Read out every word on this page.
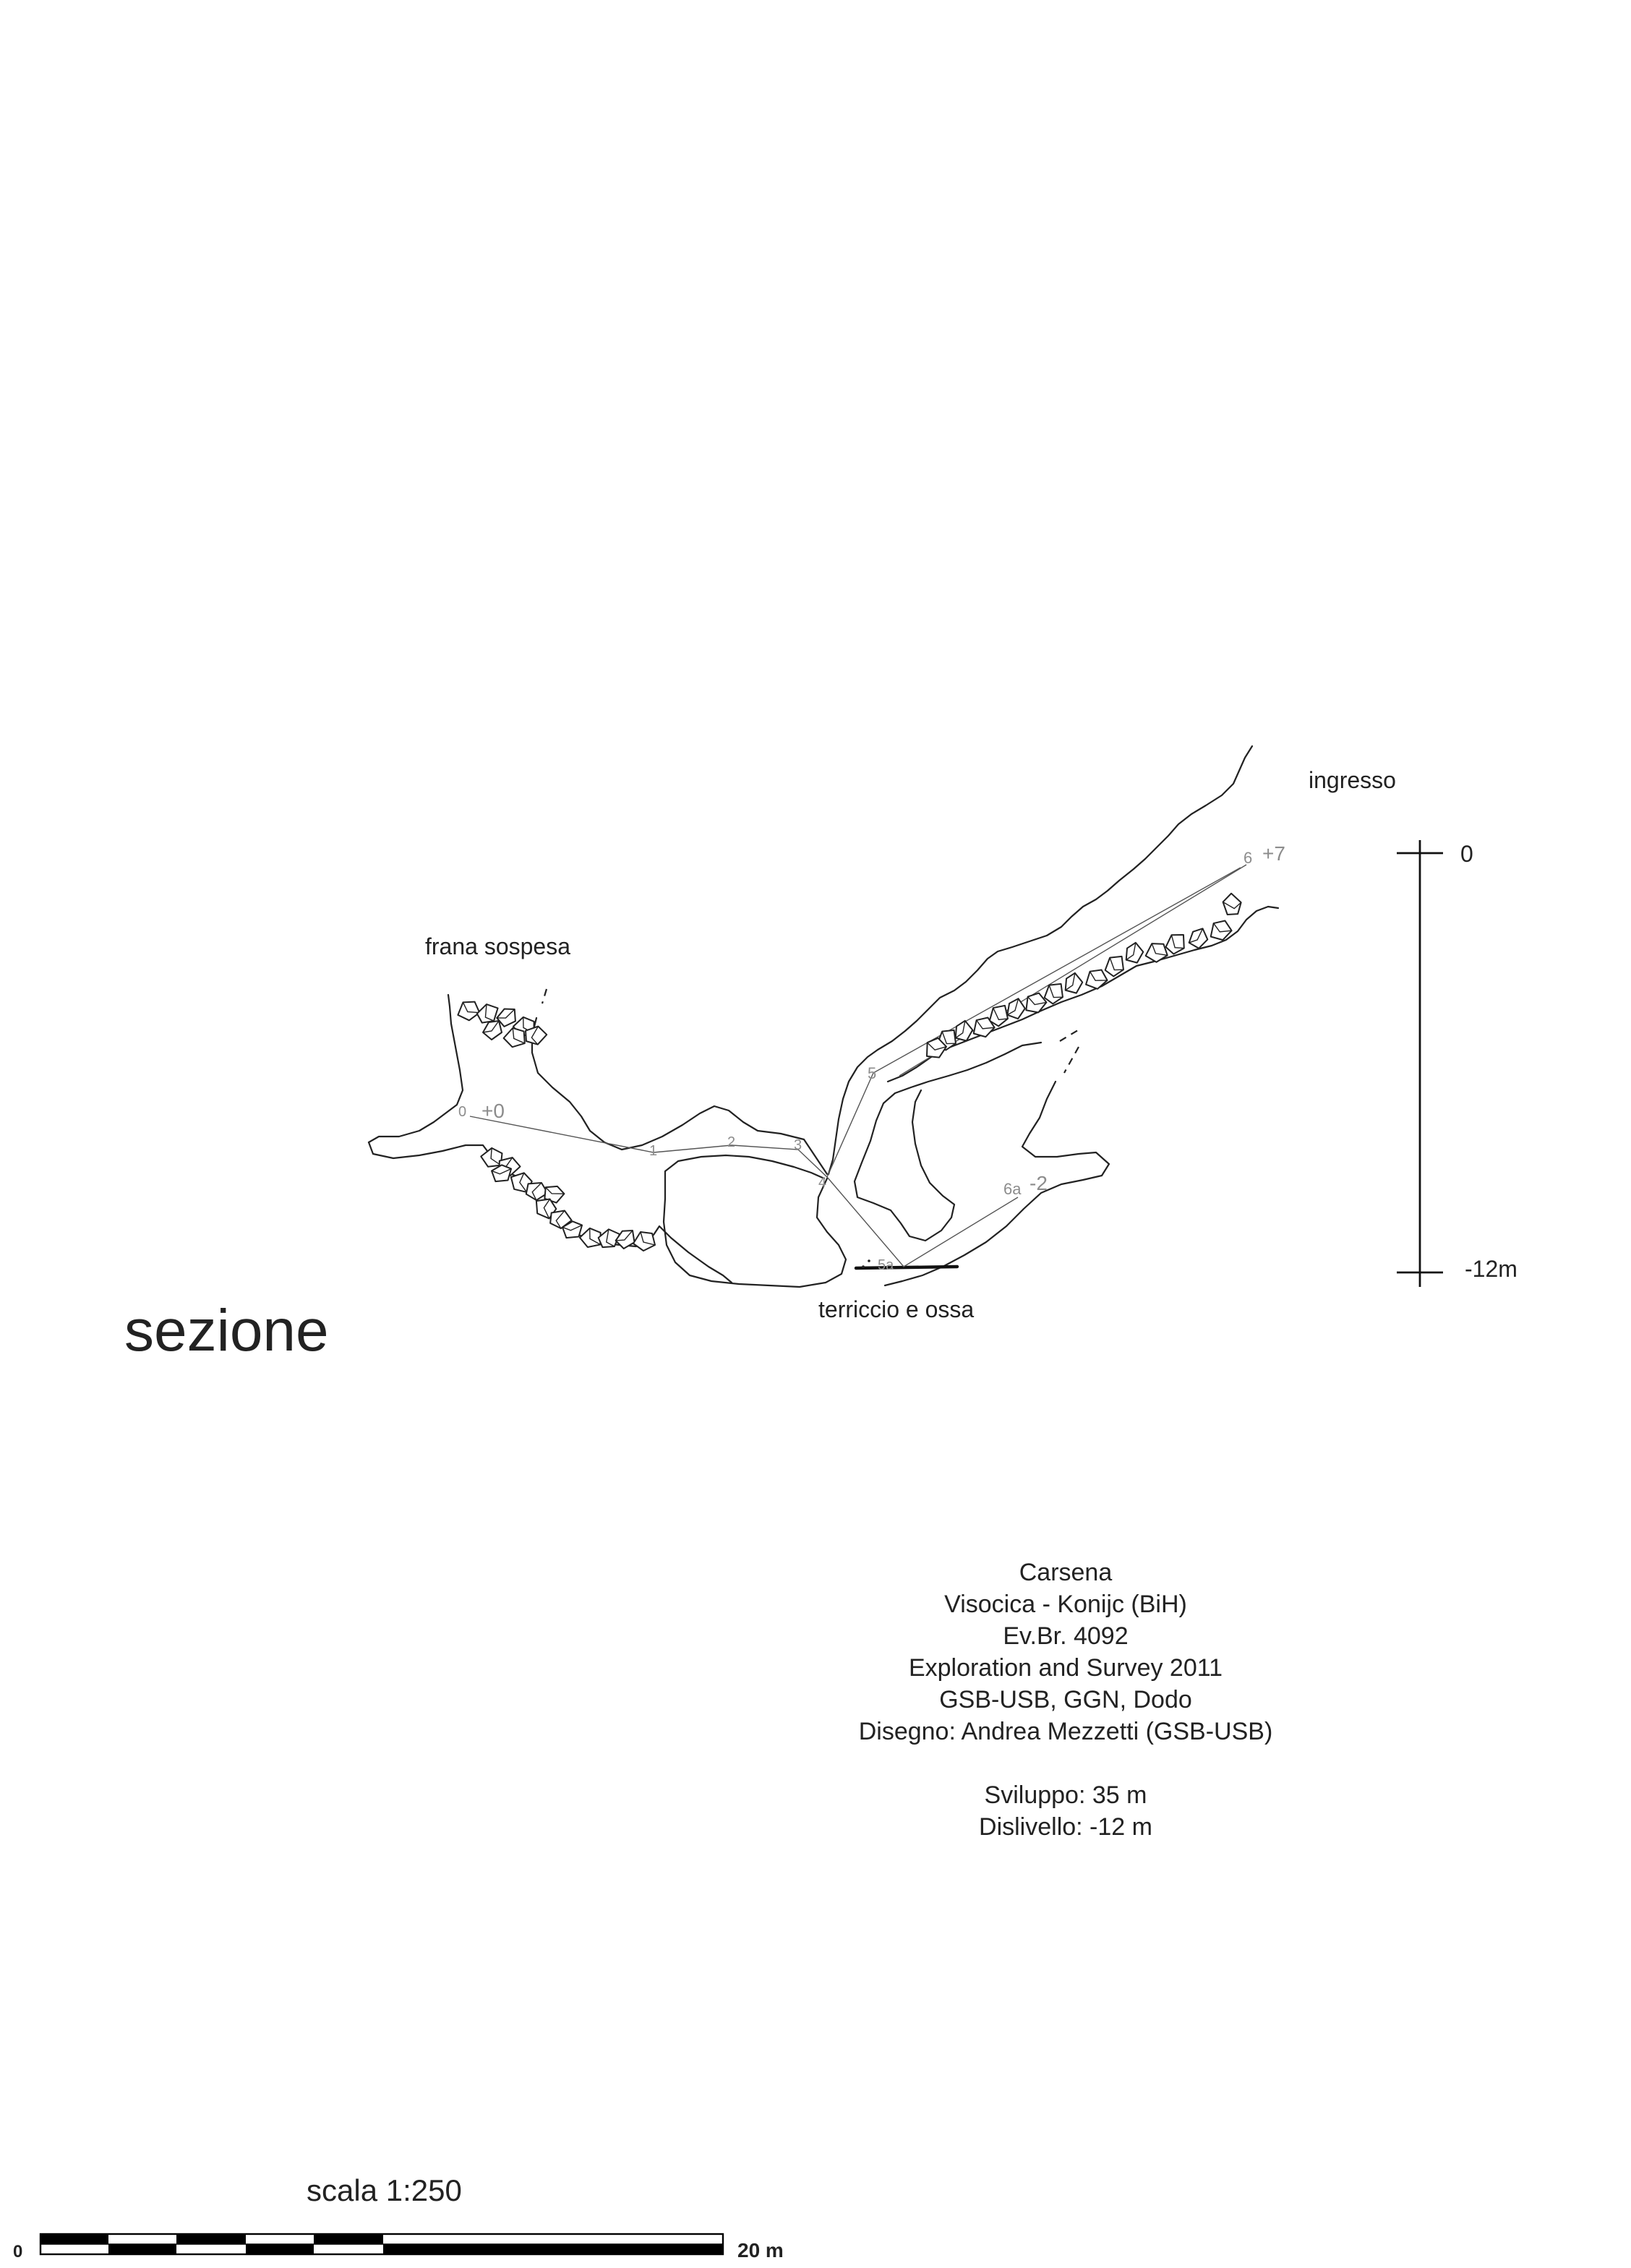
0 +0
1
2	3
4
5
5a
6 +7
6a -2
ingresso
frana sospesa
terriccio e ossa
sezione
0
-12m
Carsena
Visocica - Konijc (BiH)
Ev.Br. 4092
Exploration and Survey 2011
GSB-USB, GGN, Dodo
Disegno: Andrea Mezzetti (GSB-USB)
Sviluppo: 35 m
Dislivello: -12 m
scala 1:250
0	20 m
